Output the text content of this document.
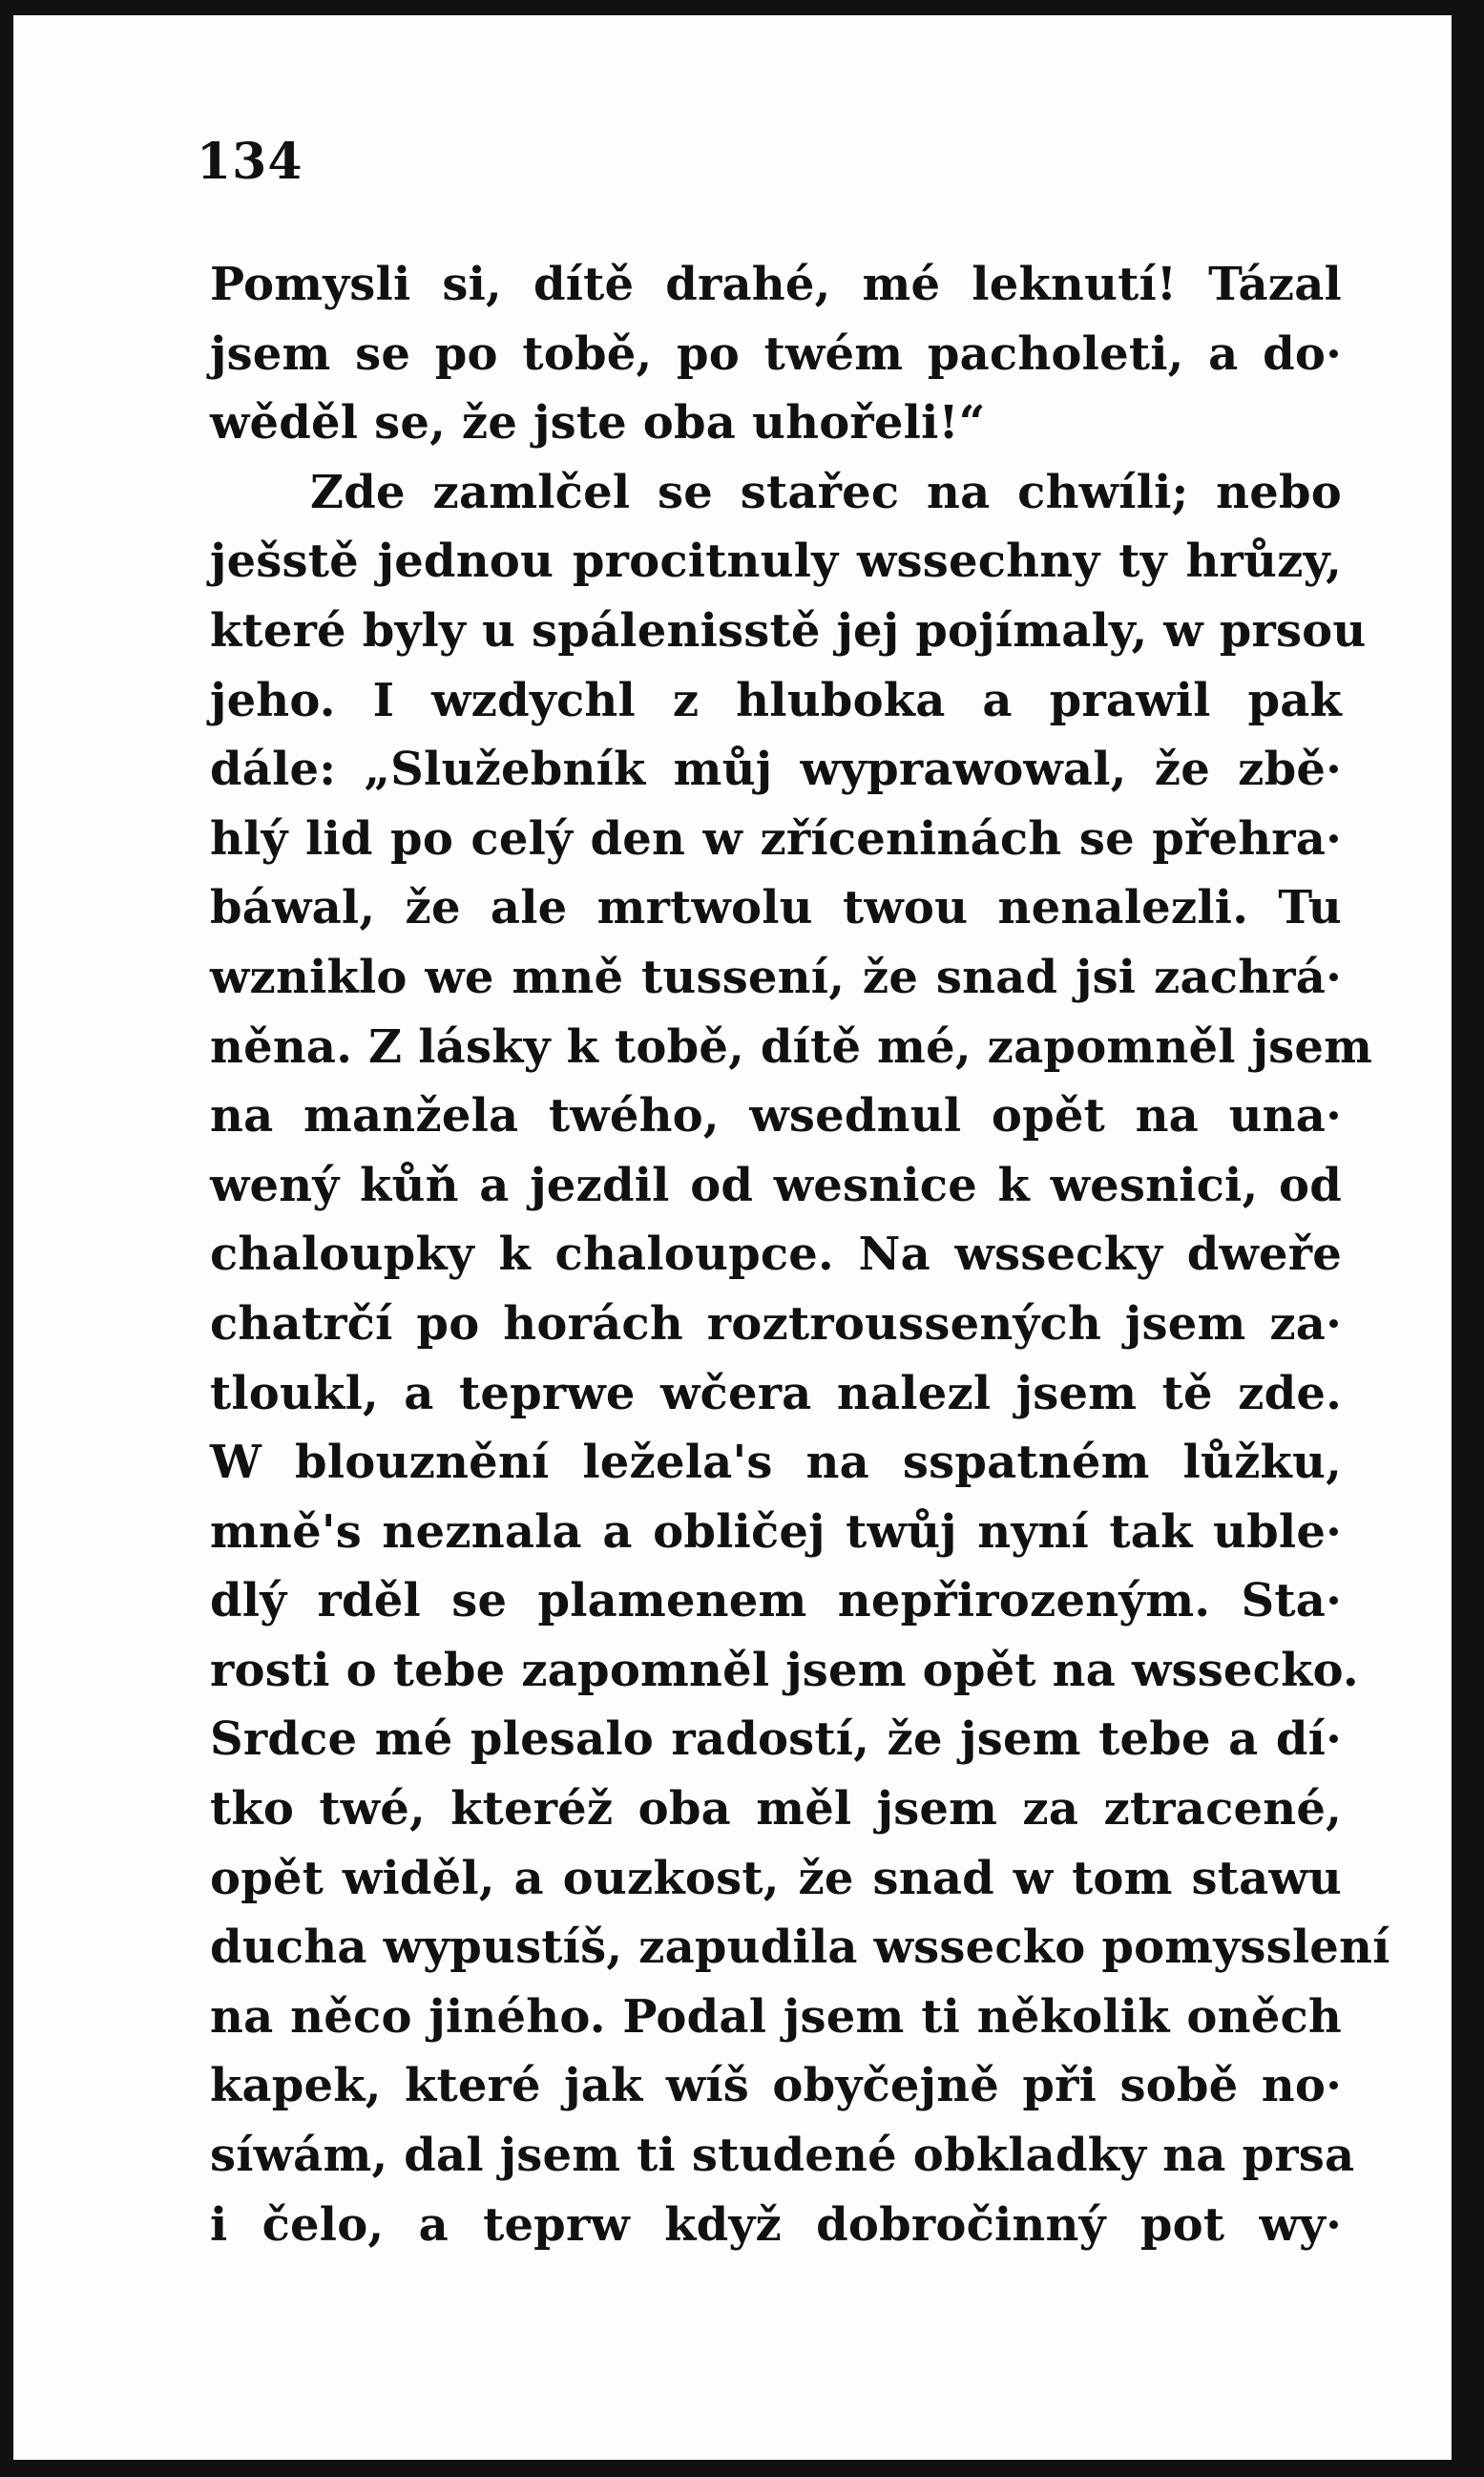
134
Pomysli si, dítě drahé, mé leknutí! Tázal
jsem se po tobě, po twém pacholeti, a do·
wěděl se, že jste oba uhořeli!“
Zde zamlčel se stařec na chwíli; nebo
ješstě jednou procitnuly wssechny ty hrůzy,
které byly u spálenisstě jej pojímaly, w prsou
jeho. I wzdychl z hluboka a prawil pak
dále: „Služebník můj wyprawowal, že zbě·
hlý lid po celý den w zříceninách se přehra·
báwal, že ale mrtwolu twou nenalezli. Tu
wzniklo we mně tussení, že snad jsi zachrá·
něna. Z lásky k tobě, dítě mé, zapomněl jsem
na manžela twého, wsednul opět na una·
wený kůň a jezdil od wesnice k wesnici, od
chaloupky k chaloupce. Na wssecky dweře
chatrčí po horách roztroussených jsem za·
tloukl, a teprwe wčera nalezl jsem tě zde.
W blouznění ležela's na sspatném lůžku,
mně's neznala a obličej twůj nyní tak uble·
dlý rděl se plamenem nepřirozeným. Sta·
rosti o tebe zapomněl jsem opět na wssecko.
Srdce mé plesalo radostí, že jsem tebe a dí·
tko twé, kteréž oba měl jsem za ztracené,
opět widěl, a ouzkost, že snad w tom stawu
ducha wypustíš, zapudila wssecko pomysslení
na něco jiného. Podal jsem ti několik oněch
kapek, které jak wíš obyčejně při sobě no·
síwám, dal jsem ti studené obkladky na prsa
i čelo, a teprw když dobročinný pot wy·
